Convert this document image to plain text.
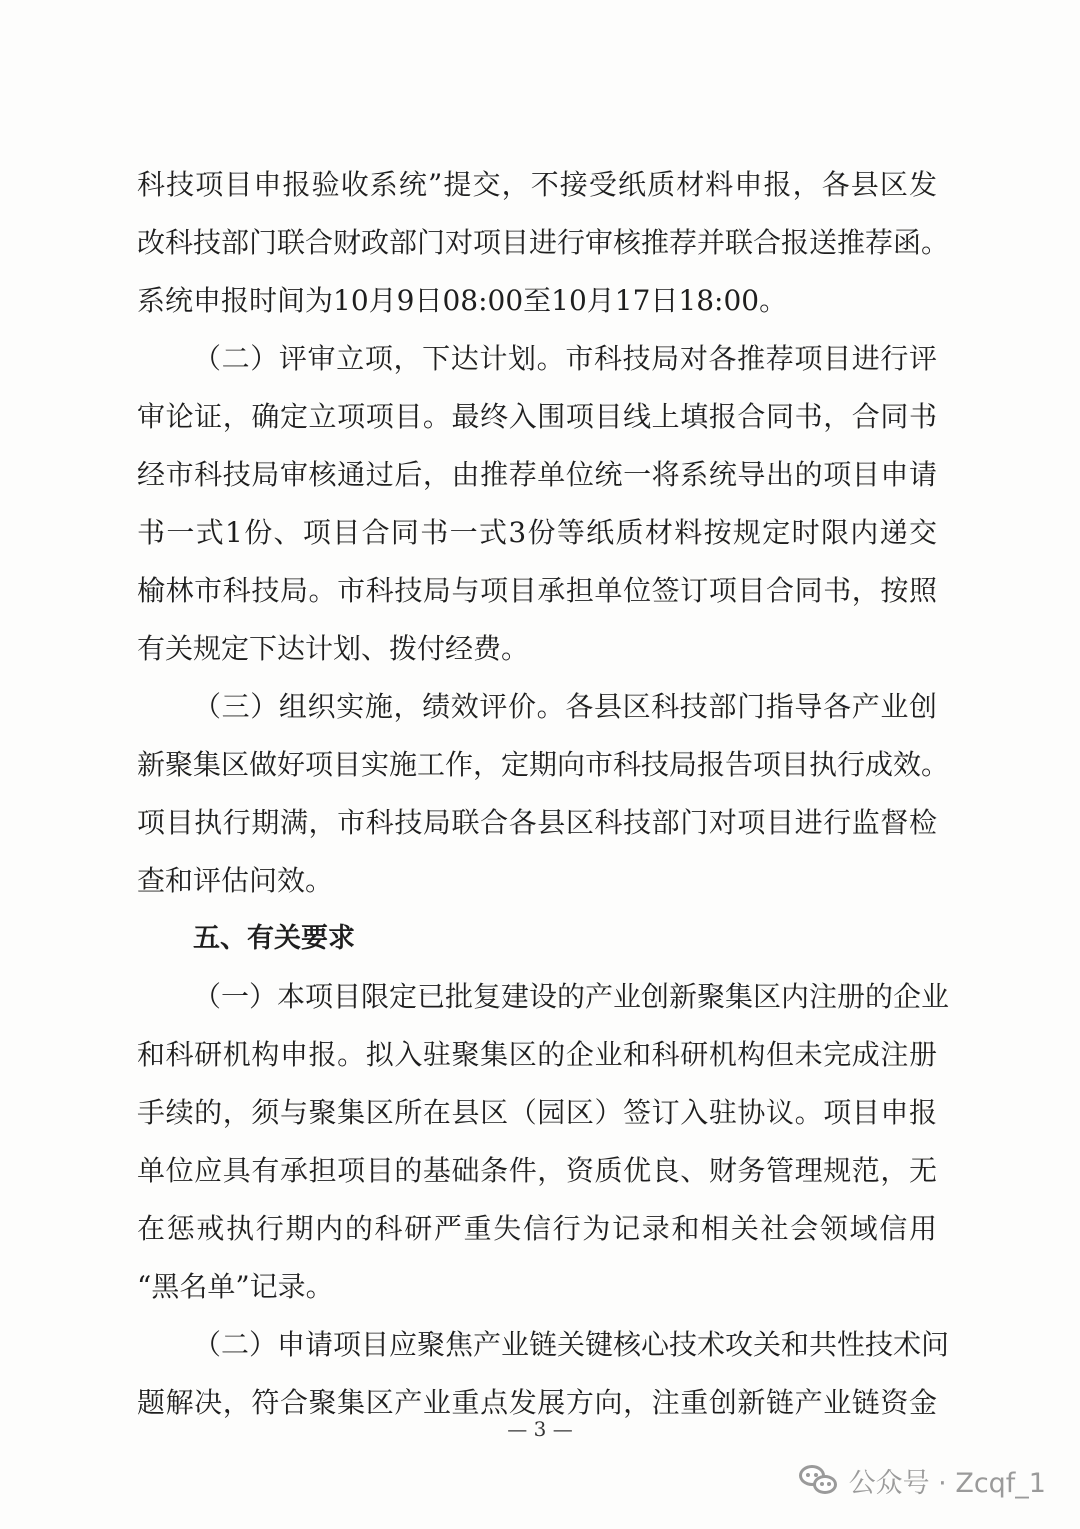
科技项目申报验收系统”提交，不接受纸质材料申报，各县区发
改科技部门联合财政部门对项目进行审核推荐并联合报送推荐函。
系统申报时间为10月9日08:00至10月17日18:00。
（二）评审立项，下达计划。市科技局对各推荐项目进行评
审论证，确定立项项目。最终入围项目线上填报合同书，合同书
经市科技局审核通过后，由推荐单位统一将系统导出的项目申请
书一式1份、项目合同书一式3份等纸质材料按规定时限内递交
榆林市科技局。市科技局与项目承担单位签订项目合同书，按照
有关规定下达计划、拨付经费。
（三）组织实施，绩效评价。各县区科技部门指导各产业创
新聚集区做好项目实施工作，定期向市科技局报告项目执行成效。
项目执行期满，市科技局联合各县区科技部门对项目进行监督检
查和评估问效。
五、有关要求
（一）本项目限定已批复建设的产业创新聚集区内注册的企业
和科研机构申报。拟入驻聚集区的企业和科研机构但未完成注册
手续的，须与聚集区所在县区（园区）签订入驻协议。项目申报
单位应具有承担项目的基础条件，资质优良、财务管理规范，无
在惩戒执行期内的科研严重失信行为记录和相关社会领域信用
“黑名单”记录。
（二）申请项目应聚焦产业链关键核心技术攻关和共性技术问
题解决，符合聚集区产业重点发展方向，注重创新链产业链资金
— 3 —
公众号 · Zcqf_1
